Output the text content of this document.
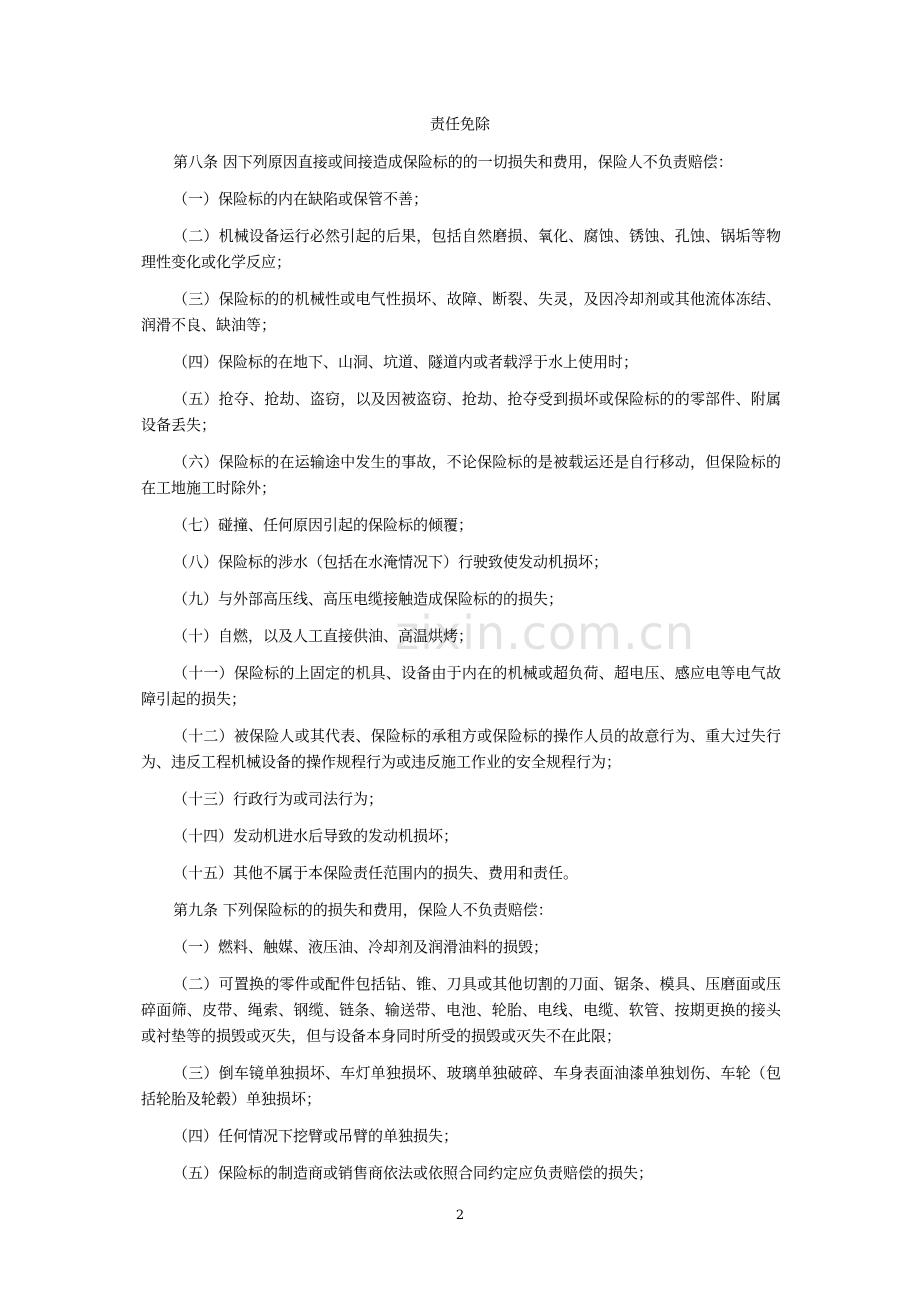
zixin.com.cn
责任免除

第八条 因下列原因直接或间接造成保险标的的一切损失和费用，保险人不负责赔偿：

（一）保险标的内在缺陷或保管不善；

（二）机械设备运行必然引起的后果，包括自然磨损、氧化、腐蚀、锈蚀、孔蚀、锅垢等物理性变化或化学反应；

（三）保险标的的机械性或电气性损坏、故障、断裂、失灵，及因冷却剂或其他流体冻结、润滑不良、缺油等；

（四）保险标的在地下、山洞、坑道、隧道内或者载浮于水上使用时；

（五）抢夺、抢劫、盗窃，以及因被盗窃、抢劫、抢夺受到损坏或保险标的的零部件、附属设备丢失；

（六）保险标的在运输途中发生的事故，不论保险标的是被载运还是自行移动，但保险标的在工地施工时除外；

（七）碰撞、任何原因引起的保险标的倾覆；

（八）保险标的涉水（包括在水淹情况下）行驶致使发动机损坏；

（九）与外部高压线、高压电缆接触造成保险标的的损失；

（十）自燃，以及人工直接供油、高温烘烤；

（十一）保险标的上固定的机具、设备由于内在的机械或超负荷、超电压、感应电等电气故障引起的损失；

（十二）被保险人或其代表、保险标的承租方或保险标的操作人员的故意行为、重大过失行为、违反工程机械设备的操作规程行为或违反施工作业的安全规程行为；

（十三）行政行为或司法行为；

（十四）发动机进水后导致的发动机损坏；

（十五）其他不属于本保险责任范围内的损失、费用和责任。

第九条 下列保险标的的损失和费用，保险人不负责赔偿：

（一）燃料、触媒、液压油、冷却剂及润滑油料的损毁；

（二）可置换的零件或配件包括钻、锥、刀具或其他切割的刀面、锯条、模具、压磨面或压碎面筛、皮带、绳索、钢缆、链条、输送带、电池、轮胎、电线、电缆、软管、按期更换的接头或衬垫等的损毁或灭失，但与设备本身同时所受的损毁或灭失不在此限；

（三）倒车镜单独损坏、车灯单独损坏、玻璃单独破碎、车身表面油漆单独划伤、车轮（包括轮胎及轮毂）单独损坏；

（四）任何情况下挖臂或吊臂的单独损失；

（五）保险标的制造商或销售商依法或依照合同约定应负责赔偿的损失；

2
